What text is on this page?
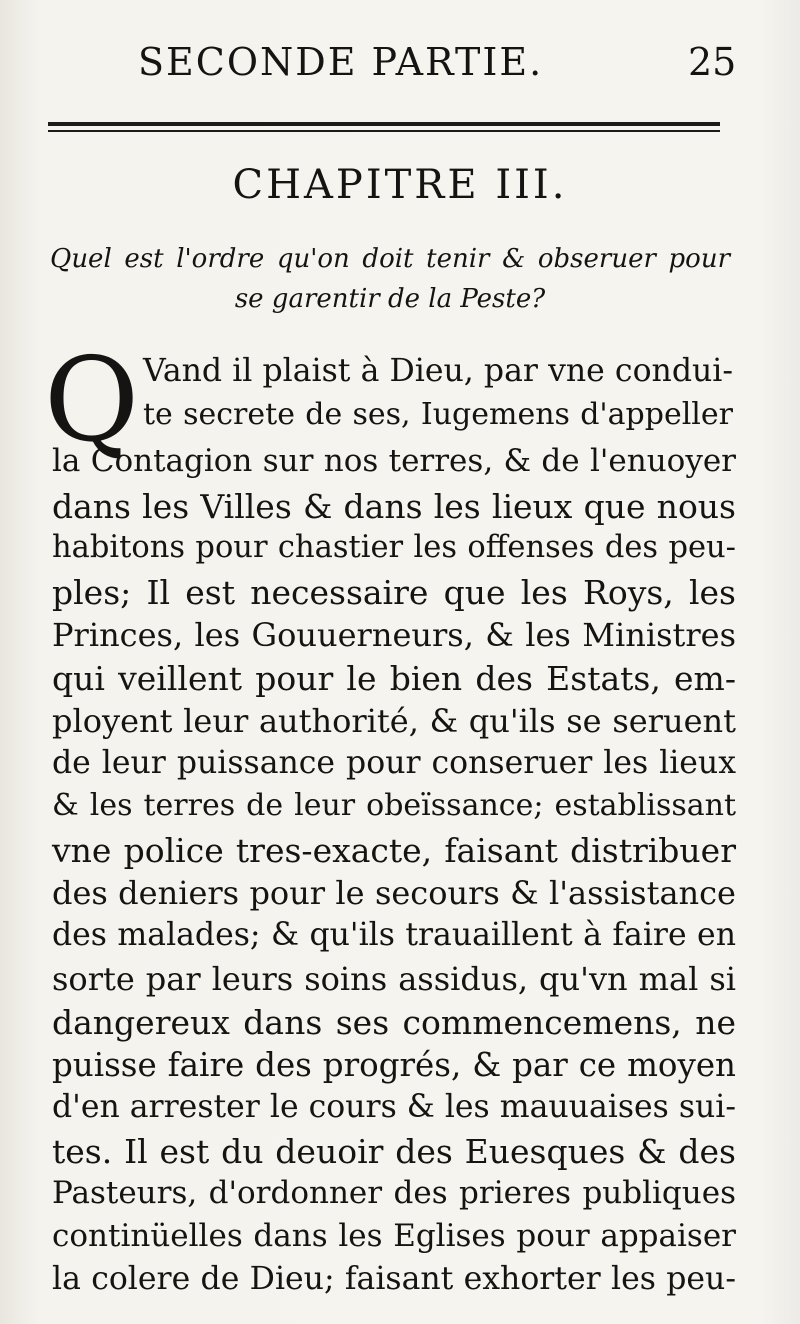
SECONDE PARTIE.	25
CHAPITRE III.
Quel est l'ordre qu'on doit tenir & obseruer pour
se garentir de la Peste?
Q Vand il plaist à Dieu, par vne condui-
te secrete de ses, Iugemens d'appeller
la Contagion sur nos terres, & de l'enuoyer
dans les Villes & dans les lieux que nous
habitons pour chastier les offenses des peu-
ples; Il est necessaire que les Roys, les
Princes, les Gouuerneurs, & les Ministres
qui veillent pour le bien des Estats, em-
ployent leur authorité, & qu'ils se seruent
de leur puissance pour conseruer les lieux
& les terres de leur obeïssance; establissant
vne police tres-exacte, faisant distribuer
des deniers pour le secours & l'assistance
des malades; & qu'ils trauaillent à faire en
sorte par leurs soins assidus, qu'vn mal si
dangereux dans ses commencemens, ne
puisse faire des progrés, & par ce moyen
d'en arrester le cours & les mauuaises sui-
tes. Il est du deuoir des Euesques & des
Pasteurs, d'ordonner des prieres publiques
continüelles dans les Eglises pour appaiser
la colere de Dieu; faisant exhorter les peu-
